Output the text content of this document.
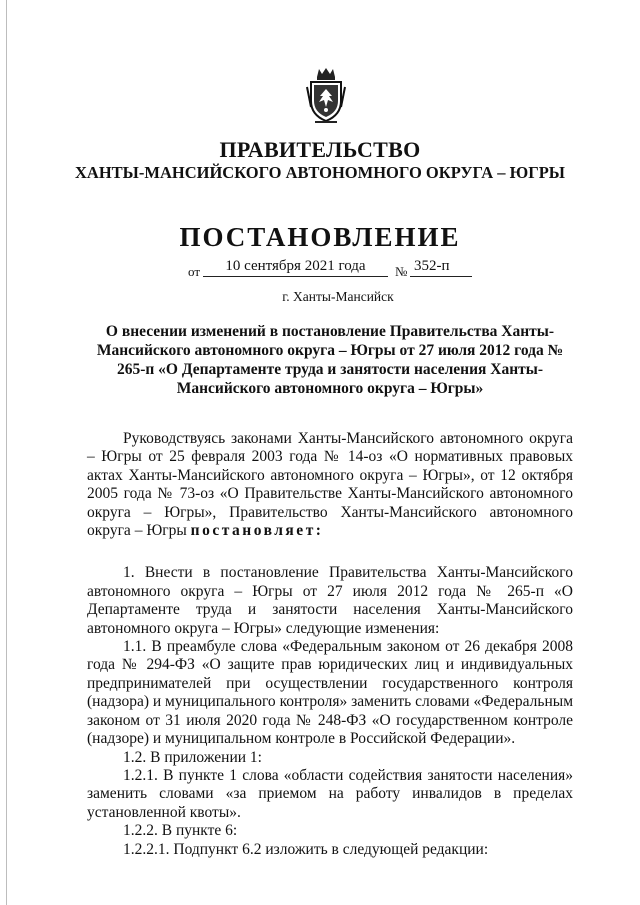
ПРАВИТЕЛЬСТВО
ХАНТЫ-МАНСИЙСКОГО АВТОНОМНОГО ОКРУГА – ЮГРЫ
ПОСТАНОВЛЕНИЕ
от	10 сентября 2021 года	№ 352-п
г. Ханты-Мансийск
О внесении изменений в постановление Правительства Ханты-Мансийского автономного округа – Югры от 27 июля 2012 года № 265-п «О Департаменте труда и занятости населения Ханты-Мансийского автономного округа – Югры»

Руководствуясь законами Ханты-Мансийского автономного округа – Югры от 25 февраля 2003 года № 14-оз «О нормативных правовых актах Ханты-Мансийского автономного округа – Югры», от 12 октября 2005 года № 73-оз «О Правительстве Ханты-Мансийского автономного округа – Югры», Правительство Ханты-Мансийского автономного округа – Югры постановляет:

1. Внести в постановление Правительства Ханты-Мансийского автономного округа – Югры от 27 июля 2012 года № 265-п «О Департаменте труда и занятости населения Ханты-Мансийского автономного округа – Югры» следующие изменения:

1.1. В преамбуле слова «Федеральным законом от 26 декабря 2008 года № 294-ФЗ «О защите прав юридических лиц и индивидуальных предпринимателей при осуществлении государственного контроля (надзора) и муниципального контроля» заменить словами «Федеральным законом от 31 июля 2020 года № 248-ФЗ «О государственном контроле (надзоре) и муниципальном контроле в Российской Федерации».

1.2. В приложении 1:

1.2.1. В пункте 1 слова «области содействия занятости населения» заменить словами «за приемом на работу инвалидов в пределах установленной квоты».

1.2.2. В пункте 6:

1.2.2.1. Подпункт 6.2 изложить в следующей редакции:
